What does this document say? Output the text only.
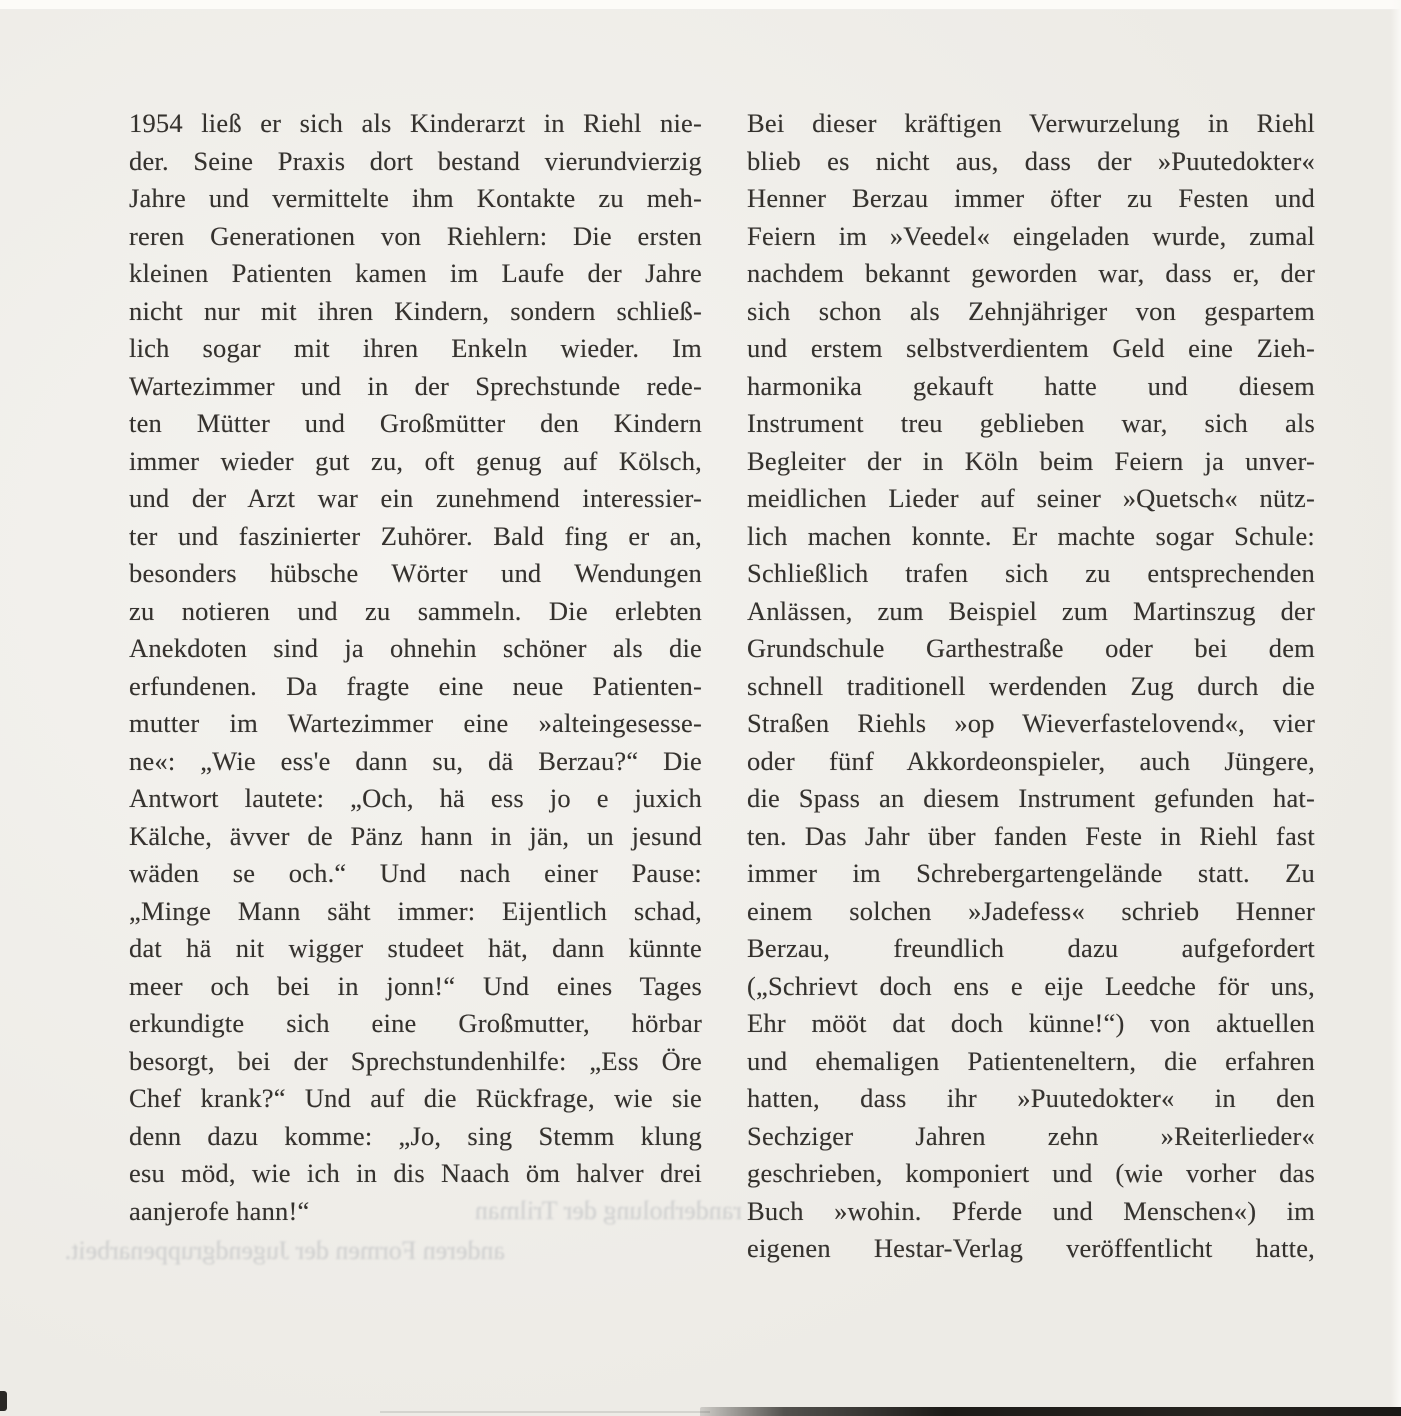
1954 ließ er sich als Kinderarzt in Riehl nie-
der. Seine Praxis dort bestand vierundvierzig
Jahre und vermittelte ihm Kontakte zu meh-
reren Generationen von Riehlern: Die ersten
kleinen Patienten kamen im Laufe der Jahre
nicht nur mit ihren Kindern, sondern schließ-
lich sogar mit ihren Enkeln wieder. Im
Wartezimmer und in der Sprechstunde rede-
ten Mütter und Großmütter den Kindern
immer wieder gut zu, oft genug auf Kölsch,
und der Arzt war ein zunehmend interessier-
ter und faszinierter Zuhörer. Bald fing er an,
besonders hübsche Wörter und Wendungen
zu notieren und zu sammeln. Die erlebten
Anekdoten sind ja ohnehin schöner als die
erfundenen. Da fragte eine neue Patienten-
mutter im Wartezimmer eine »alteingesesse-
ne«: „Wie ess'e dann su, dä Berzau?“ Die
Antwort lautete: „Och, hä ess jo e juxich
Kälche, ävver de Pänz hann in jän, un jesund
wäden se och.“ Und nach einer Pause:
„Minge Mann säht immer: Eijentlich schad,
dat hä nit wigger studeet hät, dann künnte
meer och bei in jonn!“ Und eines Tages
erkundigte sich eine Großmutter, hörbar
besorgt, bei der Sprechstundenhilfe: „Ess Öre
Chef krank?“ Und auf die Rückfrage, wie sie
denn dazu komme: „Jo, sing Stemm klung
esu möd, wie ich in dis Naach öm halver drei
aanjerofe hann!“
Bei dieser kräftigen Verwurzelung in Riehl
blieb es nicht aus, dass der »Puutedokter«
Henner Berzau immer öfter zu Festen und
Feiern im »Veedel« eingeladen wurde, zumal
nachdem bekannt geworden war, dass er, der
sich schon als Zehnjähriger von gespartem
und erstem selbstverdientem Geld eine Zieh-
harmonika gekauft hatte und diesem
Instrument treu geblieben war, sich als
Begleiter der in Köln beim Feiern ja unver-
meidlichen Lieder auf seiner »Quetsch« nütz-
lich machen konnte. Er machte sogar Schule:
Schließlich trafen sich zu entsprechenden
Anlässen, zum Beispiel zum Martinszug der
Grundschule Garthestraße oder bei dem
schnell traditionell werdenden Zug durch die
Straßen Riehls »op Wieverfastelovend«, vier
oder fünf Akkordeonspieler, auch Jüngere,
die Spass an diesem Instrument gefunden hat-
ten. Das Jahr über fanden Feste in Riehl fast
immer im Schrebergartengelände statt. Zu
einem solchen »Jadefess« schrieb Henner
Berzau, freundlich dazu aufgefordert
(„Schrievt doch ens e eije Leedche för uns,
Ehr mööt dat doch künne!“) von aktuellen
und ehemaligen Patienteneltern, die erfahren
hatten, dass ihr »Puutedokter« in den
Sechziger Jahren zehn »Reiterlieder«
geschrieben, komponiert und (wie vorher das
Buch »wohin. Pferde und Menschen«) im
eigenen Hestar-Verlag veröffentlicht hatte,
randerholung der Trilman
anderen Formen der Jugendgruppenarbeit.
